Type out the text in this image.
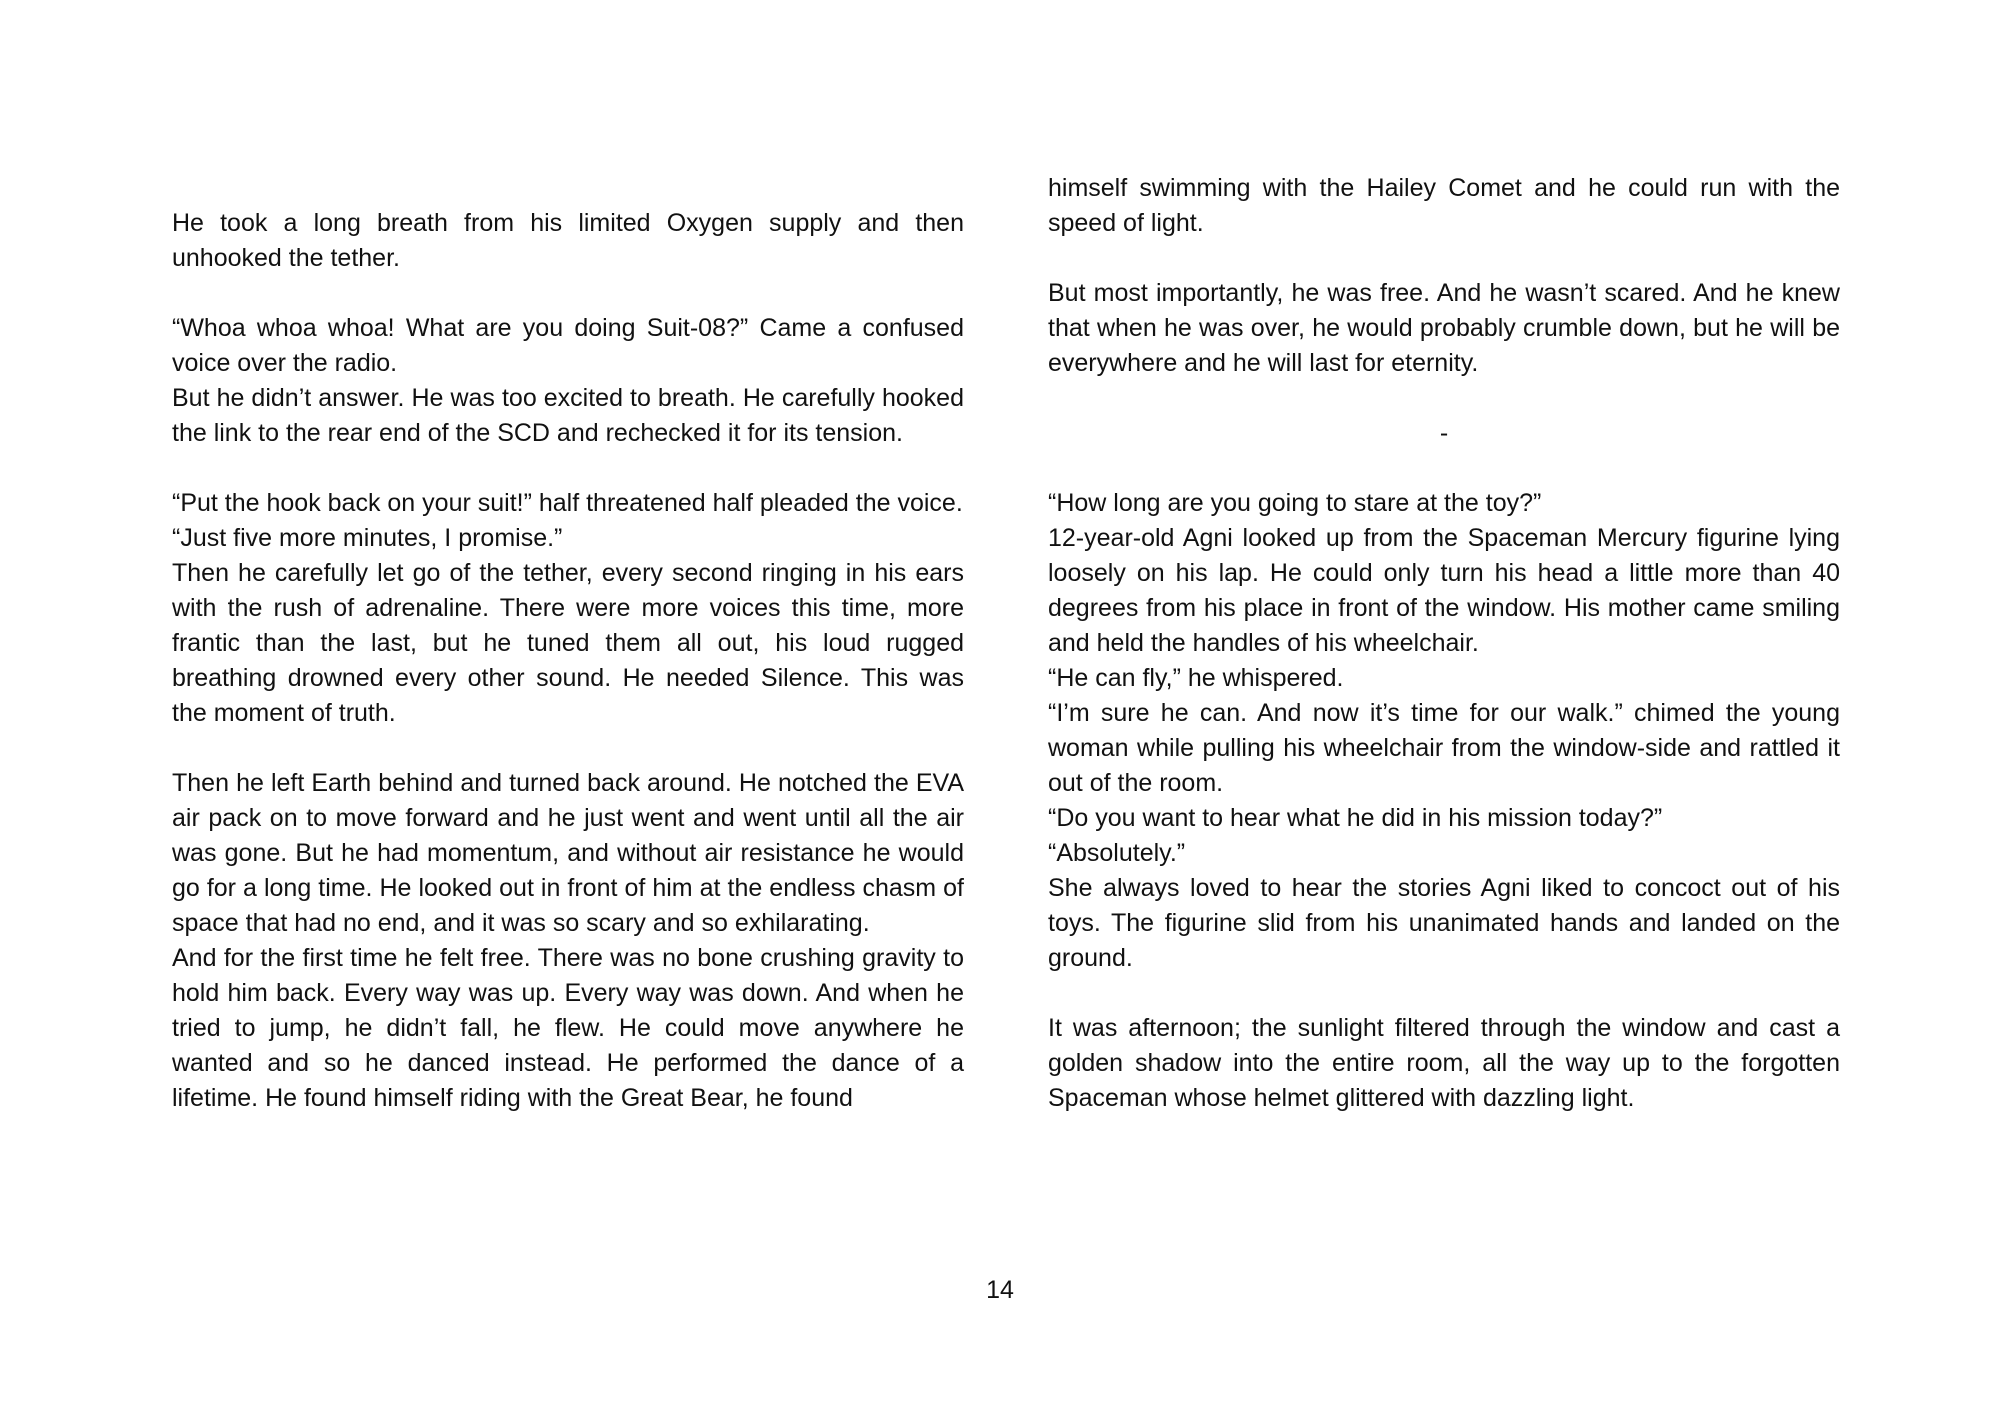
He took a long breath from his limited Oxygen supply and then unhooked the tether.

“Whoa whoa whoa! What are you doing Suit-08?” Came a confused voice over the radio.

But he didn’t answer. He was too excited to breath. He carefully hooked the link to the rear end of the SCD and rechecked it for its tension.

“Put the hook back on your suit!” half threatened half pleaded the voice.

“Just five more minutes, I promise.”

Then he carefully let go of the tether, every second ringing in his ears with the rush of adrenaline. There were more voices this time, more frantic than the last, but he tuned them all out, his loud rugged breathing drowned every other sound. He needed Silence. This was the moment of truth.

Then he left Earth behind and turned back around. He notched the EVA air pack on to move forward and he just went and went until all the air was gone. But he had momentum, and without air resistance he would go for a long time. He looked out in front of him at the endless chasm of space that had no end, and it was so scary and so exhilarating.

And for the first time he felt free. There was no bone crushing gravity to hold him back. Every way was up. Every way was down. And when he tried to jump, he didn’t fall, he flew. He could move anywhere he wanted and so he danced instead. He performed the dance of a lifetime. He found himself riding with the Great Bear, he found

himself swimming with the Hailey Comet and he could run with the speed of light.

But most importantly, he was free. And he wasn’t scared. And he knew that when he was over, he would probably crumble down, but he will be everywhere and he will last for eternity.

-

“How long are you going to stare at the toy?”

12-year-old Agni looked up from the Spaceman Mercury figurine lying loosely on his lap. He could only turn his head a little more than 40 degrees from his place in front of the window. His mother came smiling and held the handles of his wheelchair.

“He can fly,” he whispered.

“I’m sure he can. And now it’s time for our walk.” chimed the young woman while pulling his wheelchair from the window-side and rattled it out of the room.

“Do you want to hear what he did in his mission today?”

“Absolutely.”

She always loved to hear the stories Agni liked to concoct out of his toys. The figurine slid from his unanimated hands and landed on the ground.

It was afternoon; the sunlight filtered through the window and cast a golden shadow into the entire room, all the way up to the forgotten Spaceman whose helmet glittered with dazzling light.

14
